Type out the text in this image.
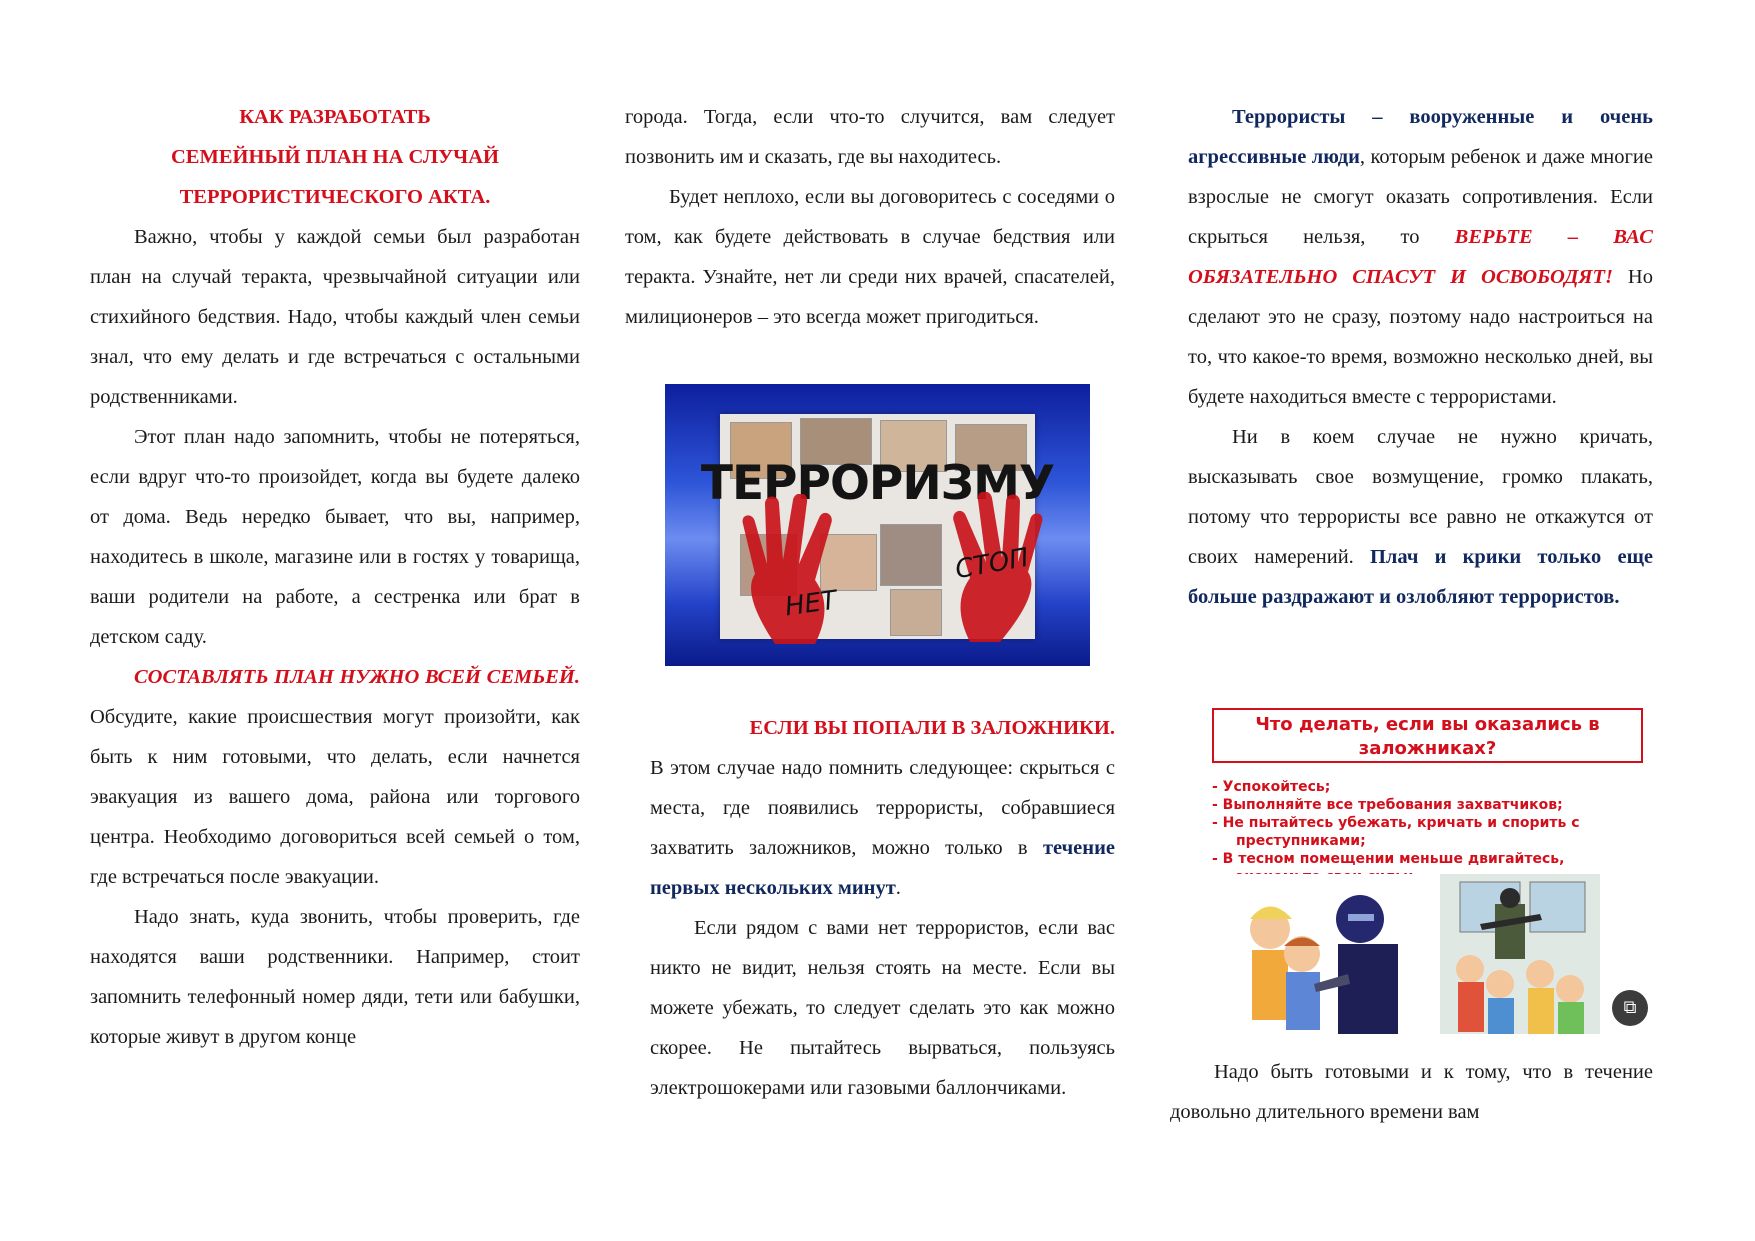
КАК РАЗРАБОТАТЬ

СЕМЕЙНЫЙ ПЛАН НА СЛУЧАЙ

ТЕРРОРИСТИЧЕСКОГО АКТА.

Важно, чтобы у каждой семьи был разработан план на случай теракта, чрезвычайной ситуации или стихийного бедствия. Надо, чтобы каждый член семьи знал, что ему делать и где встречаться с остальными родственниками.

Этот план надо запомнить, чтобы не потеряться, если вдруг что-то произойдет, когда вы будете далеко от дома. Ведь нередко бывает, что вы, например, находитесь в школе, магазине или в гостях у товарища, ваши родители на работе, а сестренка или брат в детском саду.

СОСТАВЛЯТЬ ПЛАН НУЖНО ВСЕЙ СЕМЬЕЙ. Обсудите, какие происшествия могут произойти, как быть к ним готовыми, что делать, если начнется эвакуация из вашего дома, района или торгового центра. Необходимо договориться всей семьей о том, где встречаться после эвакуации.

Надо знать, куда звонить, чтобы проверить, где находятся ваши родственники. Например, стоит запомнить телефонный номер дяди, тети или бабушки, которые живут в другом конце

города. Тогда, если что-то случится, вам следует позвонить им и сказать, где вы находитесь.

Будет неплохо, если вы договоритесь с соседями о том, как будете действовать в случае бедствия или теракта. Узнайте, нет ли среди них врачей, спасателей, милиционеров – это всегда может пригодиться.

ТЕРРОРИЗМУ
НЕТ
СТОП

ЕСЛИ ВЫ ПОПАЛИ В ЗАЛОЖНИКИ.

В этом случае надо помнить следующее: скрыться с места, где появились террористы, собравшиеся захватить заложников, можно только в течение первых нескольких минут.

Если рядом с вами нет террористов, если вас никто не видит, нельзя стоять на месте. Если вы можете убежать, то следует сделать это как можно скорее. Не пытайтесь вырваться, пользуясь электрошокерами или газовыми баллончиками.

Террористы – вооруженные и очень агрессивные люди, которым ребенок и даже многие взрослые не смогут оказать сопротивления. Если скрыться нельзя, то ВЕРЬТЕ – ВАС ОБЯЗАТЕЛЬНО СПАСУТ И ОСВОБОДЯТ! Но сделают это не сразу, поэтому надо настроиться на то, что какое-то время, возможно несколько дней, вы будете находиться вместе с террористами.

Ни в коем случае не нужно кричать, высказывать свое возмущение, громко плакать, потому что террористы все равно не откажутся от своих намерений. Плач и крики только еще больше раздражают и озлобляют террористов.

Что делать, если вы оказались в заложниках?
- Успокойтесь;
- Выполняйте все требования захватчиков;
- Не пытайтесь убежать, кричать и спорить с
преступниками;
- В тесном помещении меньше двигайтесь,
⧉

Надо быть готовыми и к тому, что в течение довольно длительного времени вам
